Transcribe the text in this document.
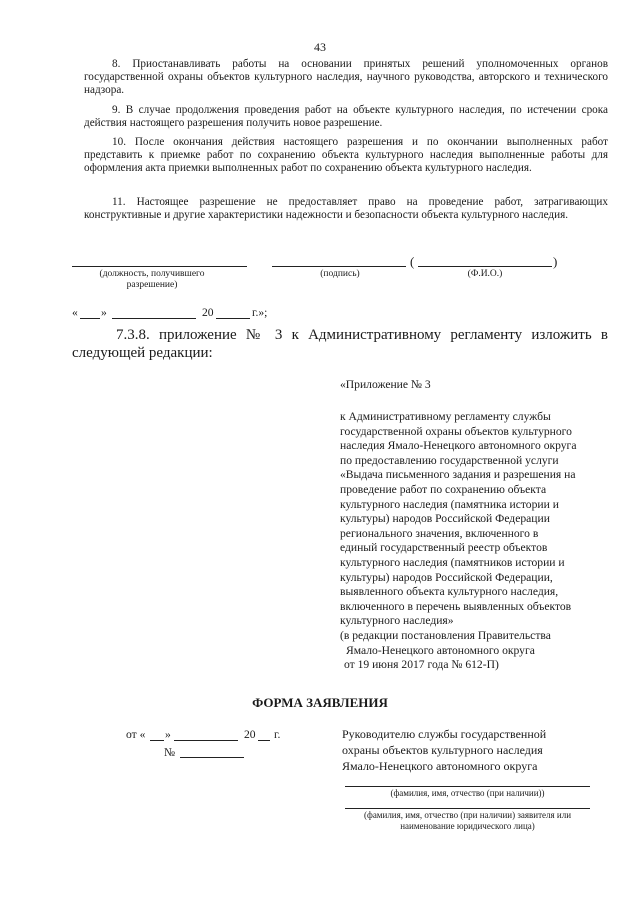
43

8. Приостанавливать работы на основании принятых решений уполномоченных органов государственной охраны объектов культурного наследия, научного руководства, авторского и технического надзора.

9. В случае продолжения проведения работ на объекте культурного наследия, по истечении срока действия настоящего разрешения получить новое разрешение.

10. После окончания действия настоящего разрешения и по окончании выполненных работ представить к приемке работ по сохранению объекта культурного наследия выполненные работы для оформления акта приемки выполненных работ по сохранению объекта культурного наследия.

11. Настоящее разрешение не предоставляет право на проведение работ, затрагивающих конструктивные и другие характеристики надежности и безопасности объекта культурного наследия.

(	)
(должность, получившего
разрешение)
(подпись)	(Ф.И.О.)
« »	20	г.»;
7.3.8. приложение № 3 к Административному регламенту изложить в
следующей редакции:
«Приложение № 3
к Административному регламенту службы
государственной охраны объектов культурного
наследия Ямало-Ненецкого автономного округа
по предоставлению государственной услуги
«Выдача письменного задания и разрешения на
проведение работ по сохранению объекта
культурного наследия (памятника истории и
культуры) народов Российской Федерации
регионального значения, включенного в
единый государственный реестр объектов
культурного наследия (памятников истории и
культуры) народов Российской Федерации,
выявленного объекта культурного наследия,
включенного в перечень выявленных объектов
культурного наследия»
(в редакции постановления Правительства
Ямало-Ненецкого автономного округа
от 19 июня 2017 года № 612-П)
ФОРМА ЗАЯВЛЕНИЯ
от « »	20 г.
№
Руководителю службы государственной
охраны объектов культурного наследия
Ямало-Ненецкого автономного округа
(фамилия, имя, отчество (при наличии))
(фамилия, имя, отчество (при наличии) заявителя или
наименование юридического лица)
